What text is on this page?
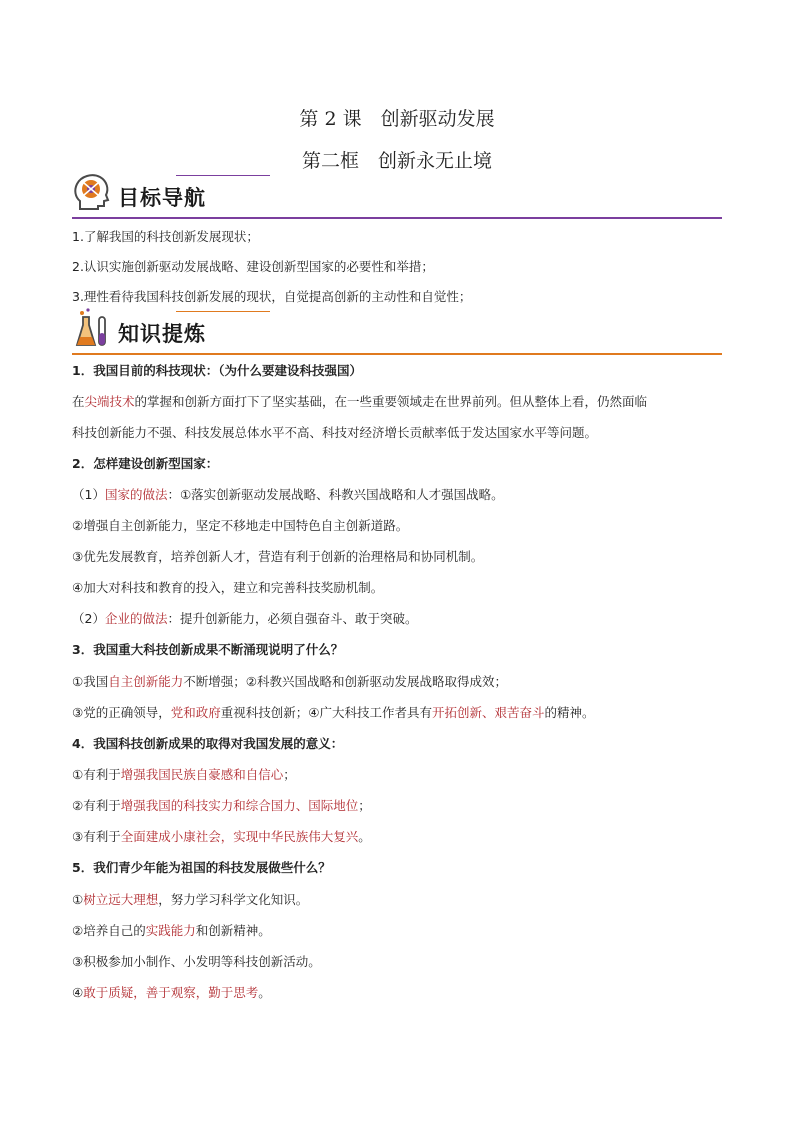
第 2 课　创新驱动发展
第二框　创新永无止境
目标导航
1.了解我国的科技创新发展现状；
2.认识实施创新驱动发展战略、建设创新型国家的必要性和举措；
3.理性看待我国科技创新发展的现状，自觉提高创新的主动性和自觉性；
知识提炼
1．我国目前的科技现状：（为什么要建设科技强国）
在尖端技术的掌握和创新方面打下了坚实基础，在一些重要领域走在世界前列。但从整体上看，仍然面临
科技创新能力不强、科技发展总体水平不高、科技对经济增长贡献率低于发达国家水平等问题。
2．怎样建设创新型国家：
（1）国家的做法：①落实创新驱动发展战略、科教兴国战略和人才强国战略。
②增强自主创新能力，坚定不移地走中国特色自主创新道路。
③优先发展教育，培养创新人才，营造有利于创新的治理格局和协同机制。
④加大对科技和教育的投入，建立和完善科技奖励机制。
（2）企业的做法：提升创新能力，必须自强奋斗、敢于突破。
3．我国重大科技创新成果不断涌现说明了什么？
①我国自主创新能力不断增强；②科教兴国战略和创新驱动发展战略取得成效；
③党的正确领导，党和政府重视科技创新；④广大科技工作者具有开拓创新、艰苦奋斗的精神。
4．我国科技创新成果的取得对我国发展的意义：
①有利于增强我国民族自豪感和自信心；
②有利于增强我国的科技实力和综合国力、国际地位；
③有利于全面建成小康社会，实现中华民族伟大复兴。
5．我们青少年能为祖国的科技发展做些什么？
①树立远大理想，努力学习科学文化知识。
②培养自己的实践能力和创新精神。
③积极参加小制作、小发明等科技创新活动。
④敢于质疑，善于观察，勤于思考。
